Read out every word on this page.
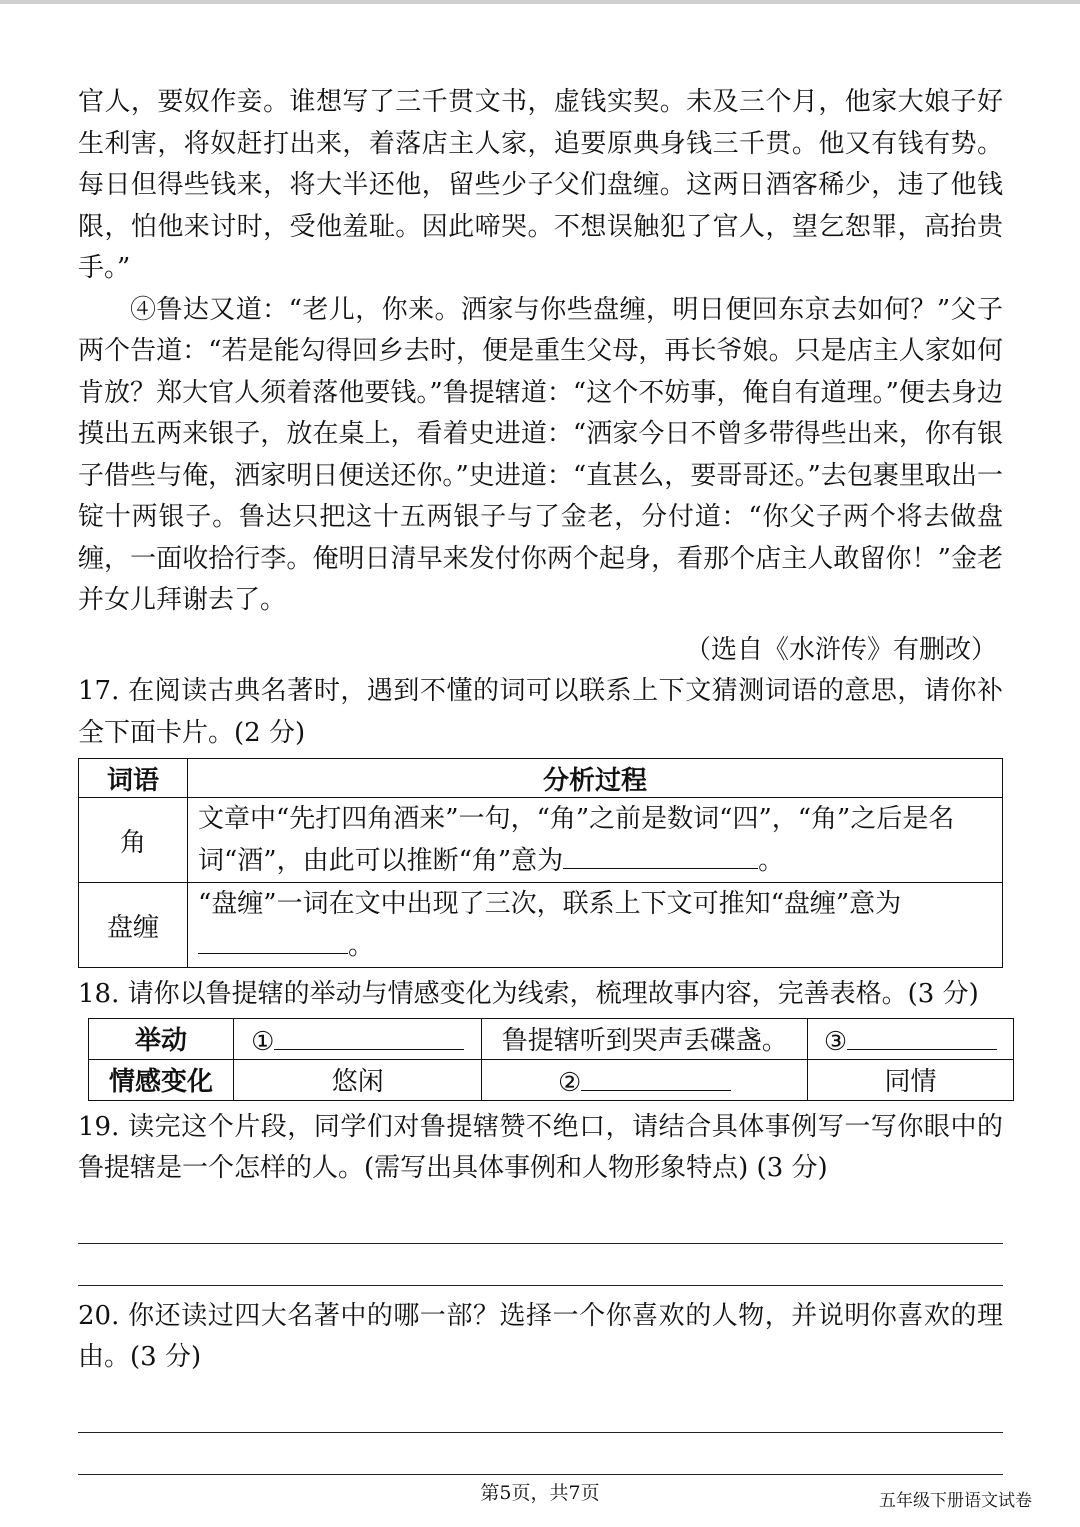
官人，要奴作妾。谁想写了三千贯文书，虚钱实契。未及三个月，他家大娘子好生利害，将奴赶打出来，着落店主人家，追要原典身钱三千贯。他又有钱有势。每日但得些钱来，将大半还他，留些少子父们盘缠。这两日酒客稀少，违了他钱限，怕他来讨时，受他羞耻。因此啼哭。不想误触犯了官人，望乞恕罪，高抬贵手。”

④鲁达又道：“老儿，你来。洒家与你些盘缠，明日便回东京去如何？”父子两个告道：“若是能勾得回乡去时，便是重生父母，再长爷娘。只是店主人家如何肯放？郑大官人须着落他要钱。”鲁提辖道：“这个不妨事，俺自有道理。”便去身边摸出五两来银子，放在桌上，看着史进道：“洒家今日不曾多带得些出来，你有银子借些与俺，洒家明日便送还你。”史进道：“直甚么，要哥哥还。”去包裹里取出一锭十两银子。鲁达只把这十五两银子与了金老，分付道：“你父子两个将去做盘缠，一面收拾行李。俺明日清早来发付你两个起身，看那个店主人敢留你！”金老并女儿拜谢去了。

（选自《水浒传》有删改）

17. 在阅读古典名著时，遇到不懂的词可以联系上下文猜测词语的意思，请你补全下面卡片。(2 分)

词语	分析过程
角	文章中“先打四角酒来”一句，“角”之前是数词“四”，“角”之后是名词“酒”，由此可以推断“角”意为 。
盘缠	“盘缠”一词在文中出现了三次，联系上下文可推知“盘缠”意为。

18. 请你以鲁提辖的举动与情感变化为线索，梳理故事内容，完善表格。(3 分)

举动	①	鲁提辖听到哭声丢碟盏。	③
情感变化	悠闲	②	同情

19. 读完这个片段，同学们对鲁提辖赞不绝口，请结合具体事例写一写你眼中的鲁提辖是一个怎样的人。(需写出具体事例和人物形象特点) (3 分)

20. 你还读过四大名著中的哪一部？选择一个你喜欢的人物，并说明你喜欢的理由。(3 分)

第5页，共7页	五年级下册语文试卷
